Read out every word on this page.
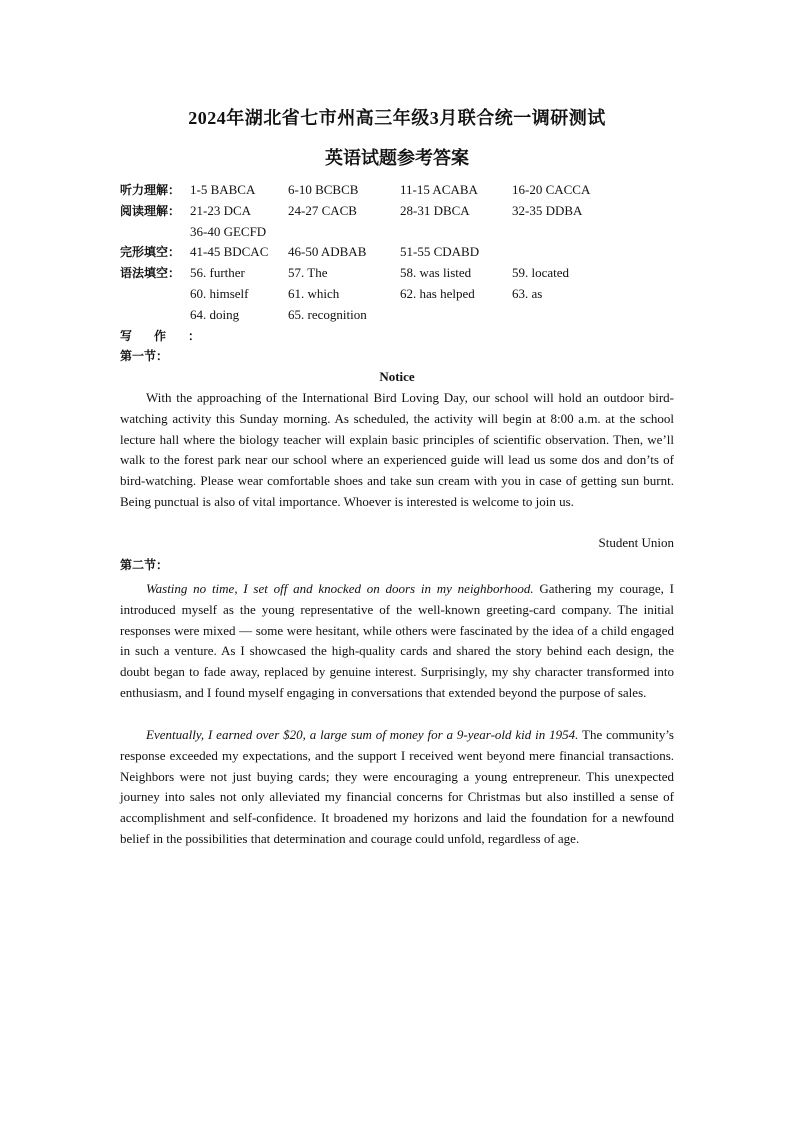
2024年湖北省七市州高三年级3月联合统一调研测试
英语试题参考答案
听力理解： 1-5 BABCA	6-10 BCBCB	11-15 ACABA	16-20 CACCA
阅读理解： 21-23 DCA	24-27 CACB	28-31 DBCA	32-35 DDBA
36-40 GECFD
完形填空： 41-45 BDCAC 46-50 ADBAB	51-55 CDABD
语法填空： 56. further	57. The	58. was listed	59. located
60. himself	61. which	62. has helped	63. as
64. doing	65. recognition
写作：
第一节：
Notice
With the approaching of the International Bird Loving Day, our school will hold an outdoor bird-watching activity this Sunday morning. As scheduled, the activity will begin at 8:00 a.m. at the school lecture hall where the biology teacher will explain basic principles of scientific observation. Then, we’ll walk to the forest park near our school where an experienced guide will lead us some dos and don’ts of bird-watching. Please wear comfortable shoes and take sun cream with you in case of getting sun burnt. Being punctual is also of vital importance. Whoever is interested is welcome to join us.
Student Union
第二节：
Wasting no time, I set off and knocked on doors in my neighborhood. Gathering my courage, I introduced myself as the young representative of the well-known greeting-card company. The initial responses were mixed — some were hesitant, while others were fascinated by the idea of a child engaged in such a venture. As I showcased the high-quality cards and shared the story behind each design, the doubt began to fade away, replaced by genuine interest. Surprisingly, my shy character transformed into enthusiasm, and I found myself engaging in conversations that extended beyond the purpose of sales.
Eventually, I earned over $20, a large sum of money for a 9-year-old kid in 1954. The community’s response exceeded my expectations, and the support I received went beyond mere financial transactions. Neighbors were not just buying cards; they were encouraging a young entrepreneur. This unexpected journey into sales not only alleviated my financial concerns for Christmas but also instilled a sense of accomplishment and self-confidence. It broadened my horizons and laid the foundation for a newfound belief in the possibilities that determination and courage could unfold, regardless of age.
